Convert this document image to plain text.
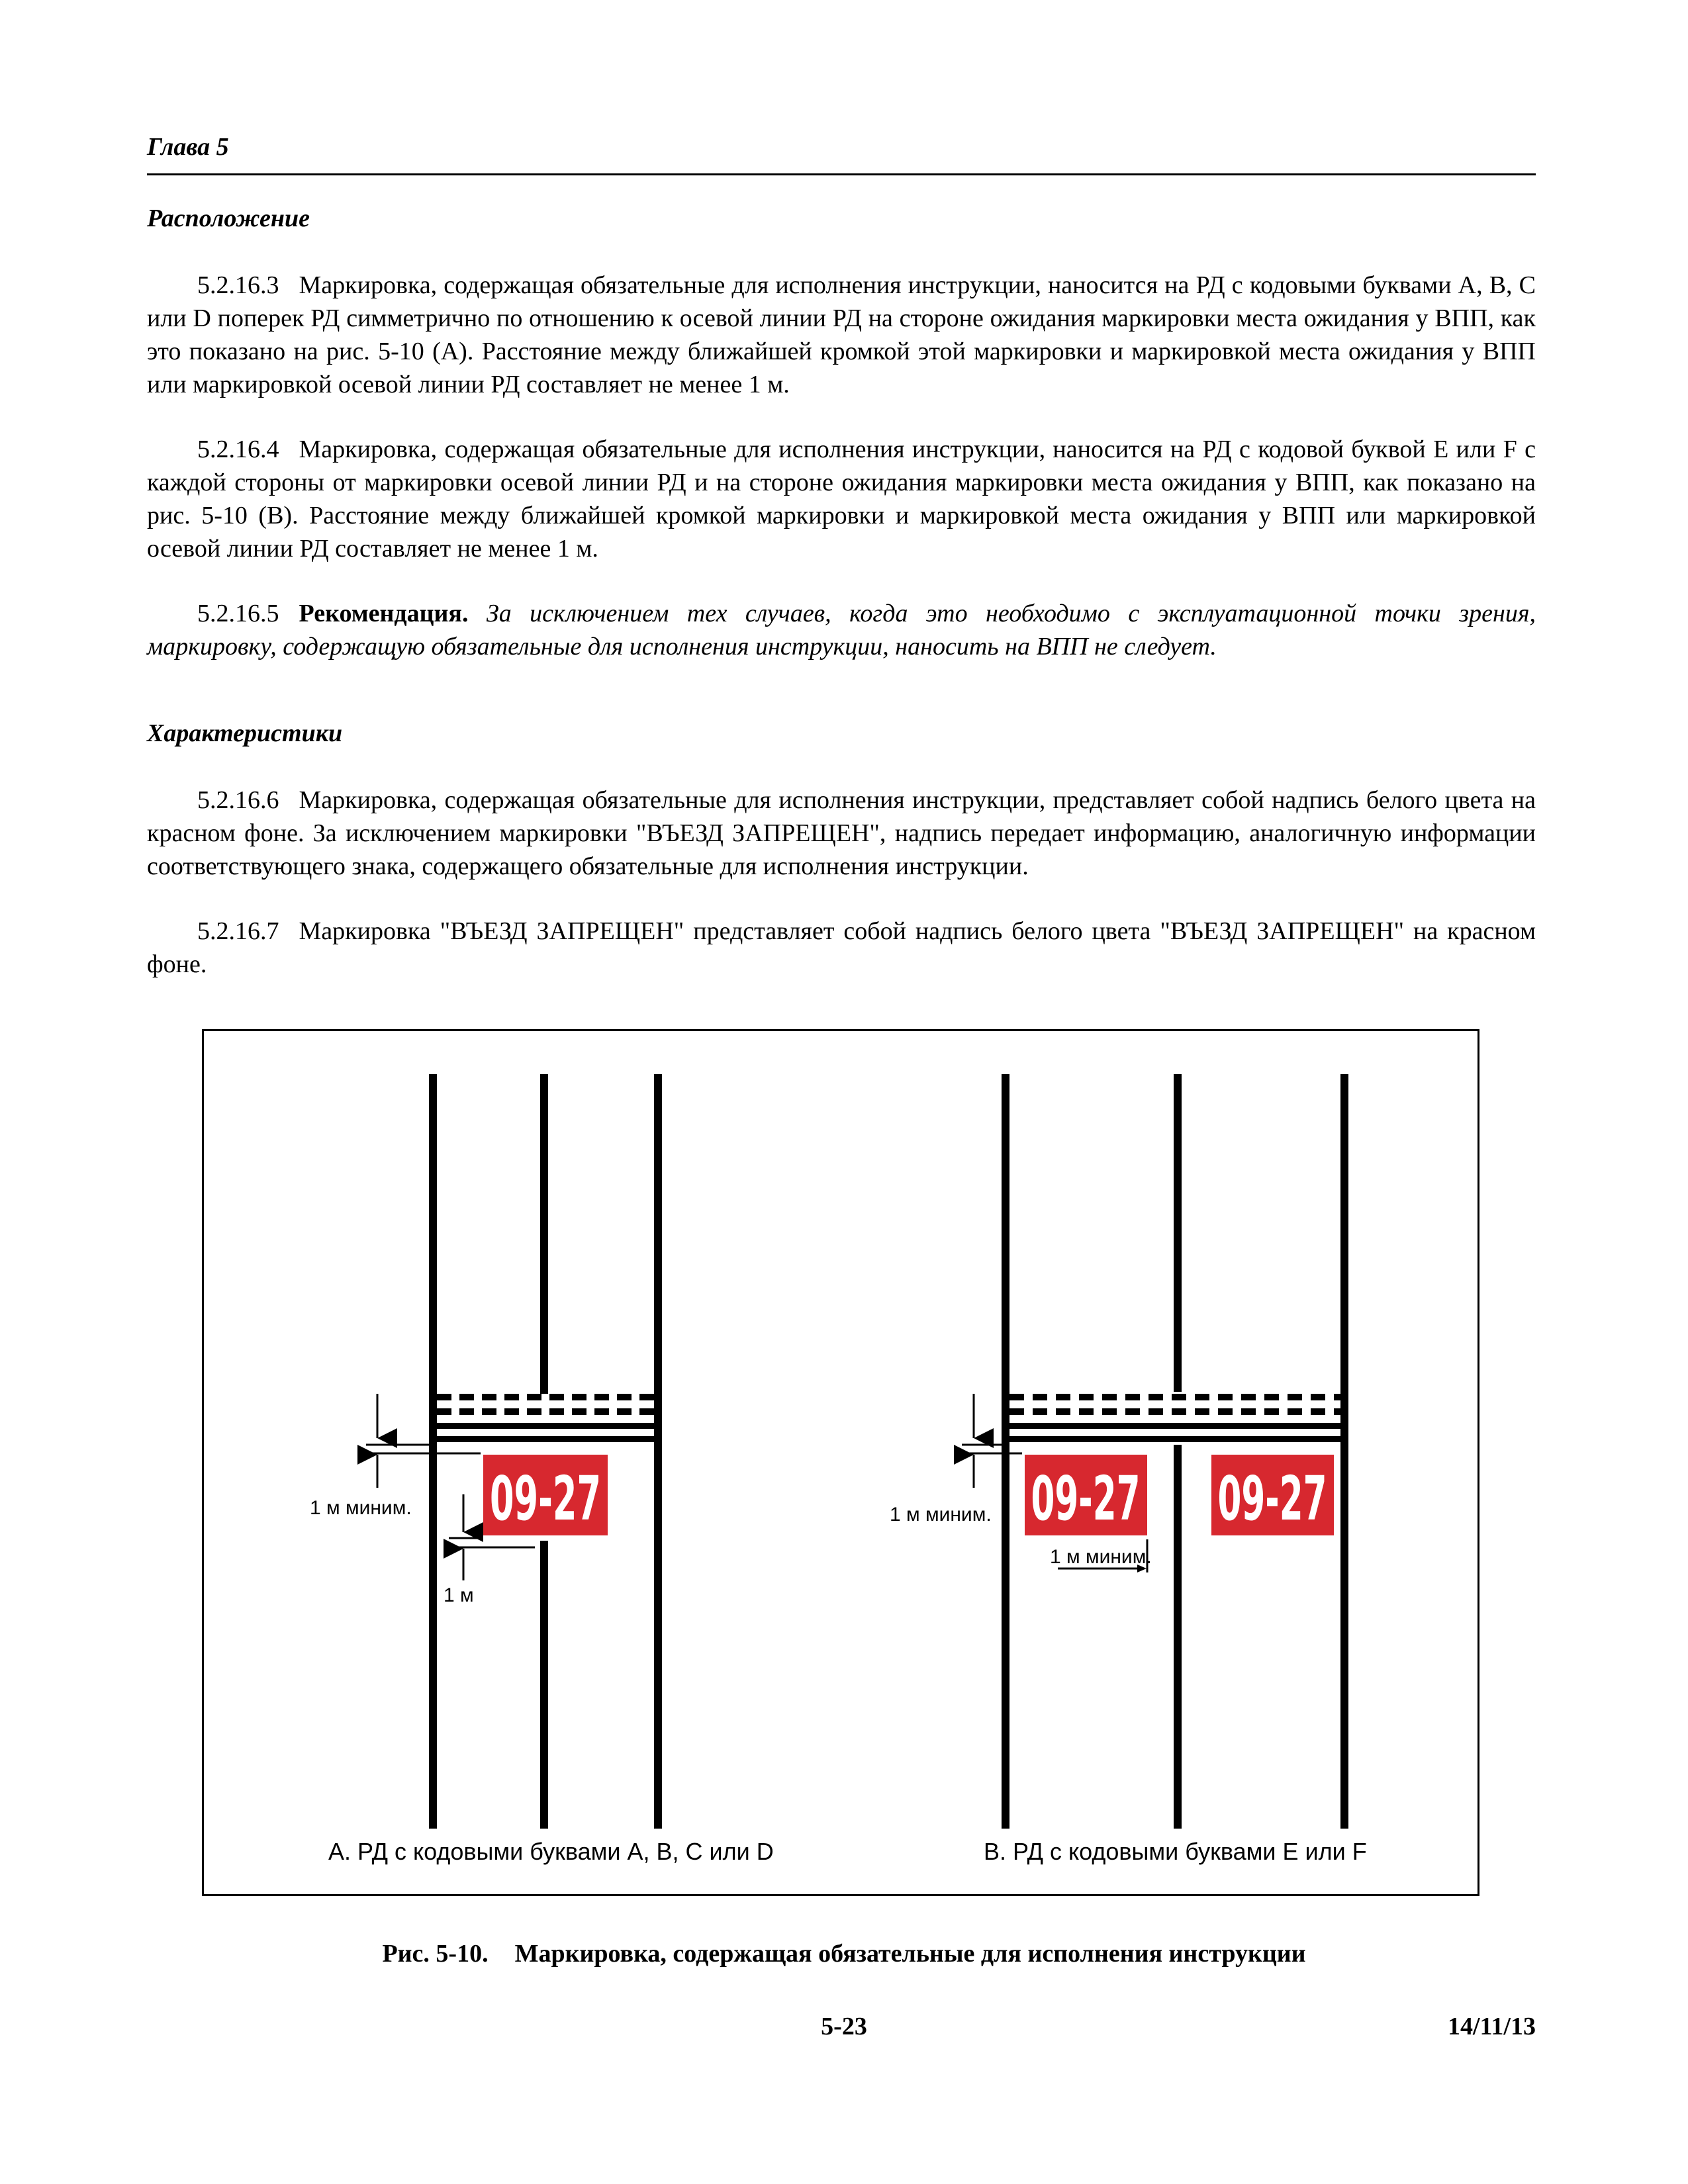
Глава 5
Расположение

5.2.16.3 Маркировка, содержащая обязательные для исполнения инструкции, наносится на РД с кодовыми буквами A, B, C или D поперек РД симметрично по отношению к осевой линии РД на стороне ожидания маркировки места ожидания у ВПП, как это показано на рис. 5-10 (A). Расстояние между ближайшей кромкой этой маркировки и маркировкой места ожидания у ВПП или маркировкой осевой линии РД составляет не менее 1 м.

5.2.16.4 Маркировка, содержащая обязательные для исполнения инструкции, наносится на РД с кодовой буквой E или F с каждой стороны от маркировки осевой линии РД и на стороне ожидания маркировки места ожидания у ВПП, как показано на рис. 5-10 (B). Расстояние между ближайшей кромкой маркировки и маркировкой места ожидания у ВПП или маркировкой осевой линии РД составляет не менее 1 м.

5.2.16.5 Рекомендация. За исключением тех случаев, когда это необходимо с эксплуатационной точки зрения, маркировку, содержащую обязательные для исполнения инструкции, наносить на ВПП не следует.

Характеристики

5.2.16.6 Маркировка, содержащая обязательные для исполнения инструкции, представляет собой надпись белого цвета на красном фоне. За исключением маркировки "ВЪЕЗД ЗАПРЕЩЕН", надпись передает информацию, аналогичную информации соответствующего знака, содержащего обязательные для исполнения инструкции.

5.2.16.7 Маркировка "ВЪЕЗД ЗАПРЕЩЕН" представляет собой надпись белого цвета "ВЪЕЗД ЗАПРЕЩЕН" на красном фоне.

09-27
1 м миним.
1 м
A. РД с кодовыми буквами A, B, C или D
09-27 09-27
1 м миним.
1 м миним.
B. РД с кодовыми буквами E или F
Рис. 5-10. Маркировка, содержащая обязательные для исполнения инструкции
5-23	14/11/13
